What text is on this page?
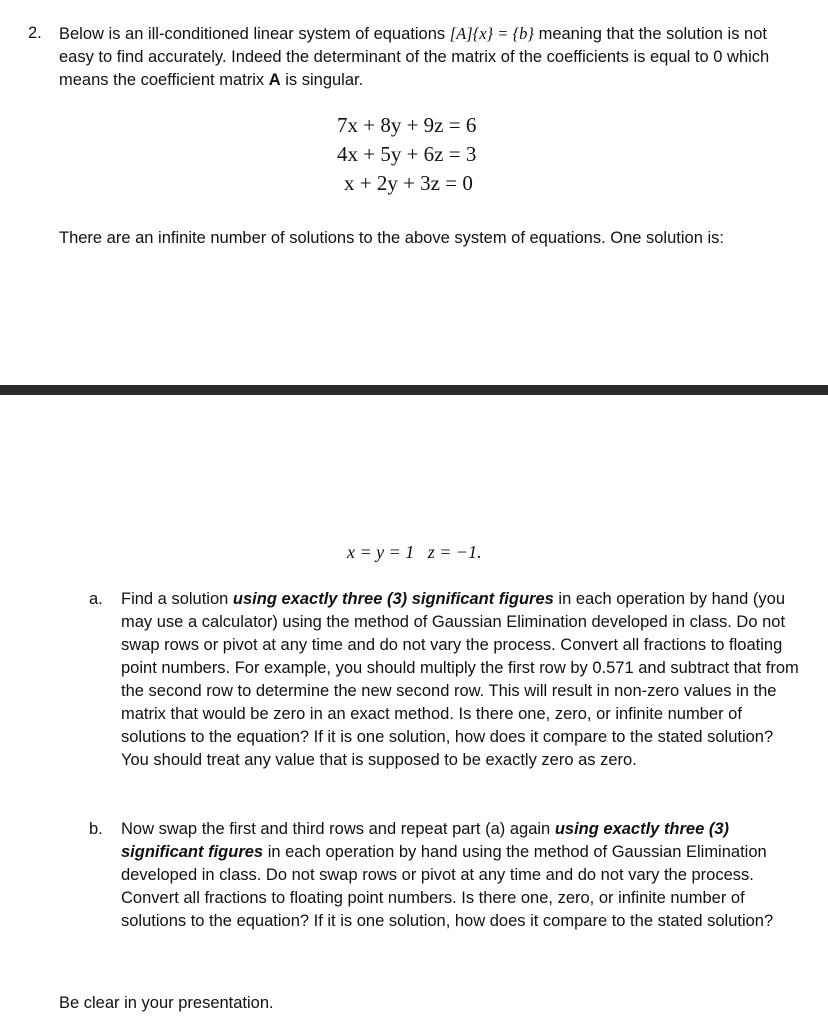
2. Below is an ill-conditioned linear system of equations [A]{x} = {b} meaning that the solution is not easy to find accurately. Indeed the determinant of the matrix of the coefficients is equal to 0 which means the coefficient matrix A is singular.
7x + 8y + 9z = 6
4x + 5y + 6z = 3
x + 2y + 3z = 0
There are an infinite number of solutions to the above system of equations. One solution is:
x = y = 1   z = −1.
a. Find a solution using exactly three (3) significant figures in each operation by hand (you may use a calculator) using the method of Gaussian Elimination developed in class. Do not swap rows or pivot at any time and do not vary the process. Convert all fractions to floating point numbers. For example, you should multiply the first row by 0.571 and subtract that from the second row to determine the new second row. This will result in non-zero values in the matrix that would be zero in an exact method. Is there one, zero, or infinite number of solutions to the equation? If it is one solution, how does it compare to the stated solution? You should treat any value that is supposed to be exactly zero as zero.
b. Now swap the first and third rows and repeat part (a) again using exactly three (3) significant figures in each operation by hand using the method of Gaussian Elimination developed in class. Do not swap rows or pivot at any time and do not vary the process. Convert all fractions to floating point numbers. Is there one, zero, or infinite number of solutions to the equation? If it is one solution, how does it compare to the stated solution?
Be clear in your presentation.
